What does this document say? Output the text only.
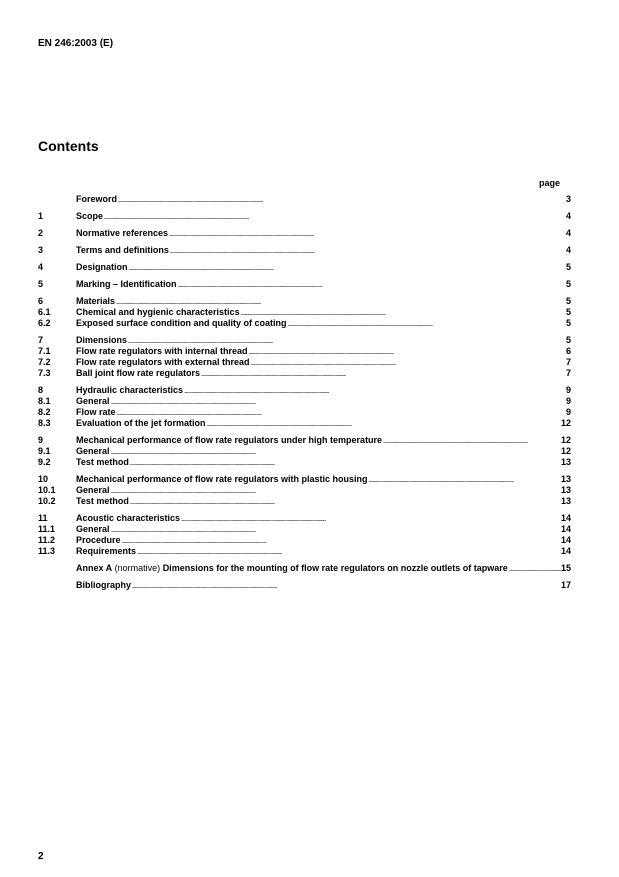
EN 246:2003 (E)
Contents
page
Foreword . . .	3
1	Scope . . .	4
2	Normative references . . .	4
3	Terms and definitions . . .	4
4	Designation . . .	5
5	Marking – Identification . . .	5
6	Materials . . .	5
6.1	Chemical and hygienic characteristics . . .	5
6.2	Exposed surface condition and quality of coating . . .	5
7	Dimensions . . .	5
7.1	Flow rate regulators with internal thread . . .	6
7.2	Flow rate regulators with external thread . . .	7
7.3	Ball joint flow rate regulators . . .	7
8	Hydraulic characteristics . . .	9
8.1	General . . .	9
8.2	Flow rate . . .	9
8.3	Evaluation of the jet formation . . .	12
9	Mechanical performance of flow rate regulators under high temperature . . .	12
9.1	General . . .	12
9.2	Test method . . .	13
10	Mechanical performance of flow rate regulators with plastic housing . . .	13
10.1	General . . .	13
10.2	Test method . . .	13
11	Acoustic characteristics . . .	14
11.1	General . . .	14
11.2	Procedure . . .	14
11.3	Requirements . . .	14
Annex A (normative) Dimensions for the mounting of flow rate regulators on nozzle outlets of tapware . . .	15
Bibliography . . .	17
2
